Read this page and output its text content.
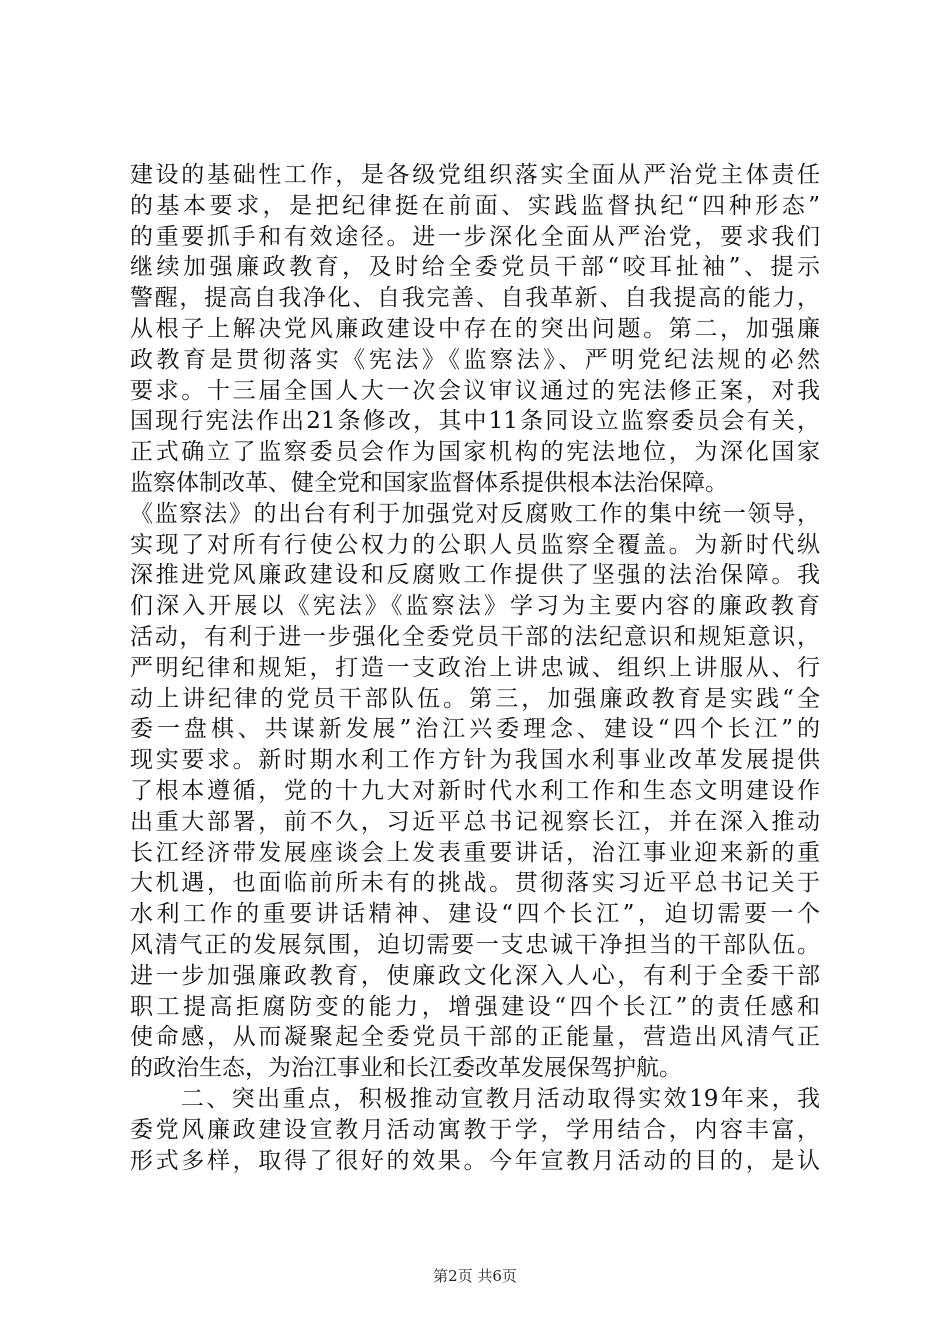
建设的基础性工作，是各级党组织落实全面从严治党主体责任
的基本要求，是把纪律挺在前面、实践监督执纪“四种形态”
的重要抓手和有效途径。进一步深化全面从严治党，要求我们
继续加强廉政教育，及时给全委党员干部“咬耳扯袖”、提示
警醒，提高自我净化、自我完善、自我革新、自我提高的能力，
从根子上解决党风廉政建设中存在的突出问题。第二，加强廉
政教育是贯彻落实《宪法》《监察法》、严明党纪法规的必然
要求。十三届全国人大一次会议审议通过的宪法修正案，对我
国现行宪法作出21条修改，其中11条同设立监察委员会有关，
正式确立了监察委员会作为国家机构的宪法地位，为深化国家
监察体制改革、健全党和国家监督体系提供根本法治保障。
《监察法》的出台有利于加强党对反腐败工作的集中统一领导，
实现了对所有行使公权力的公职人员监察全覆盖。为新时代纵
深推进党风廉政建设和反腐败工作提供了坚强的法治保障。我
们深入开展以《宪法》《监察法》学习为主要内容的廉政教育
活动，有利于进一步强化全委党员干部的法纪意识和规矩意识，
严明纪律和规矩，打造一支政治上讲忠诚、组织上讲服从、行
动上讲纪律的党员干部队伍。第三，加强廉政教育是实践“全
委一盘棋、共谋新发展”治江兴委理念、建设“四个长江”的
现实要求。新时期水利工作方针为我国水利事业改革发展提供
了根本遵循，党的十九大对新时代水利工作和生态文明建设作
出重大部署，前不久，习近平总书记视察长江，并在深入推动
长江经济带发展座谈会上发表重要讲话，治江事业迎来新的重
大机遇，也面临前所未有的挑战。贯彻落实习近平总书记关于
水利工作的重要讲话精神、建设“四个长江”，迫切需要一个
风清气正的发展氛围，迫切需要一支忠诚干净担当的干部队伍。
进一步加强廉政教育，使廉政文化深入人心，有利于全委干部
职工提高拒腐防变的能力，增强建设“四个长江”的责任感和
使命感，从而凝聚起全委党员干部的正能量，营造出风清气正
的政治生态，为治江事业和长江委改革发展保驾护航。
　　二、突出重点，积极推动宣教月活动取得实效19年来，我
委党风廉政建设宣教月活动寓教于学，学用结合，内容丰富，
形式多样，取得了很好的效果。今年宣教月活动的目的，是认
第2页 共6页
